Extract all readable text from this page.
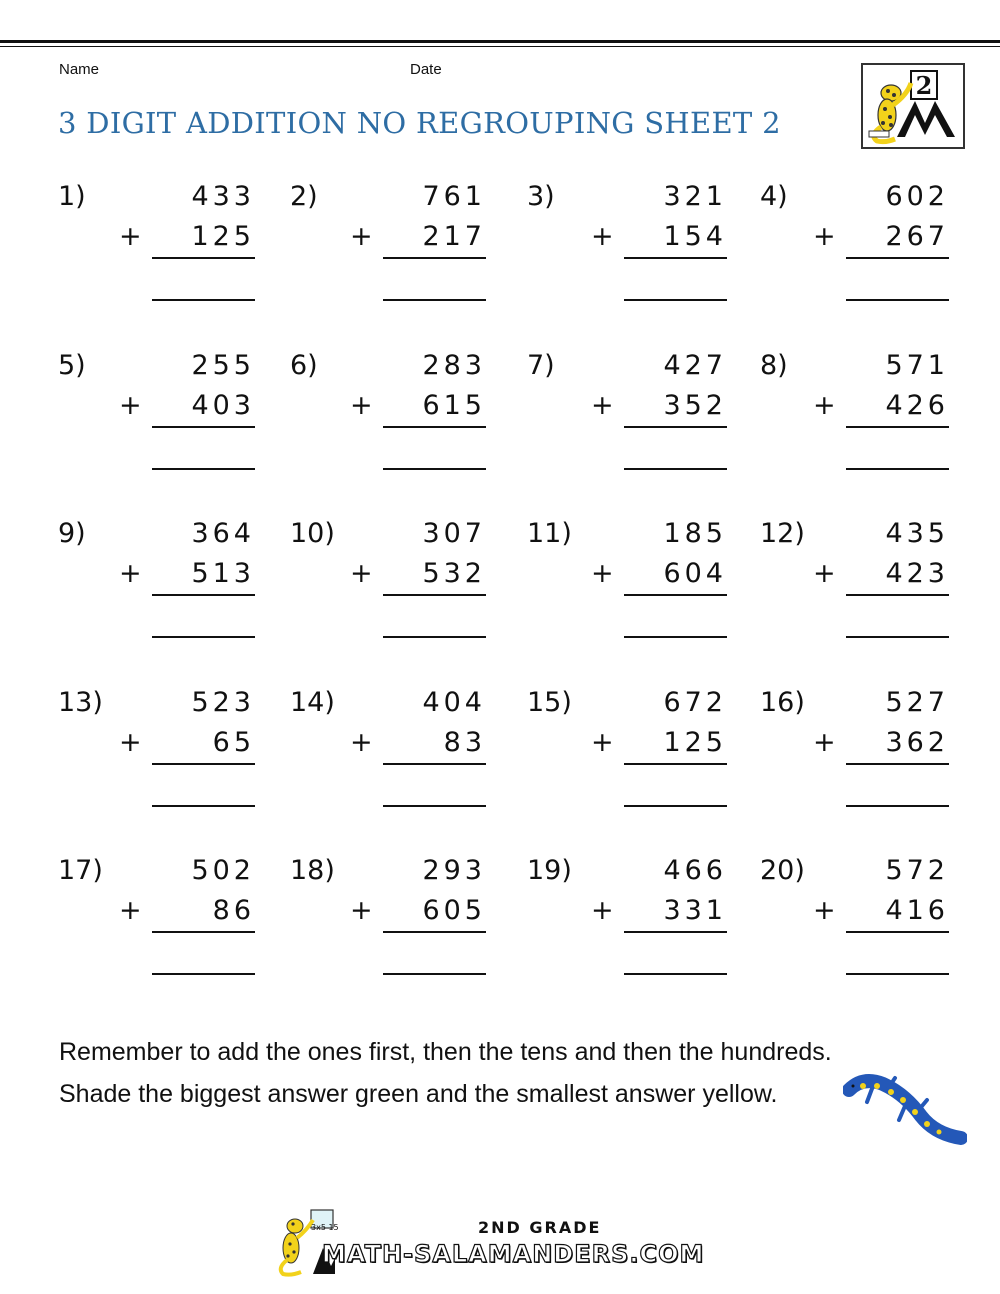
Name	Date
3 DIGIT ADDITION NO REGROUPING SHEET 2
2
1)	433
+ 125
2)	761
+ 217
3)	321
+ 154
4)	602
+ 267
5)	255
+ 403
6)	283
+ 615
7)	427
+ 352
8)	571
+ 426
9)	364
+ 513
10)	307
+ 532
11)	185
+ 604
12)	435
+ 423
13)	523
+	65
14)	404
+	83
15)	672
+ 125
16)	527
+ 362
17)	502
+	86
18)	293
+ 605
19)	466
+ 331
20)	572
+ 416
Remember to add the ones first, then the tens and then the hundreds.
Shade the biggest answer green and the smallest answer yellow.
3x5 15	2ND GRADE
MATH-SALAMANDERS.COM
